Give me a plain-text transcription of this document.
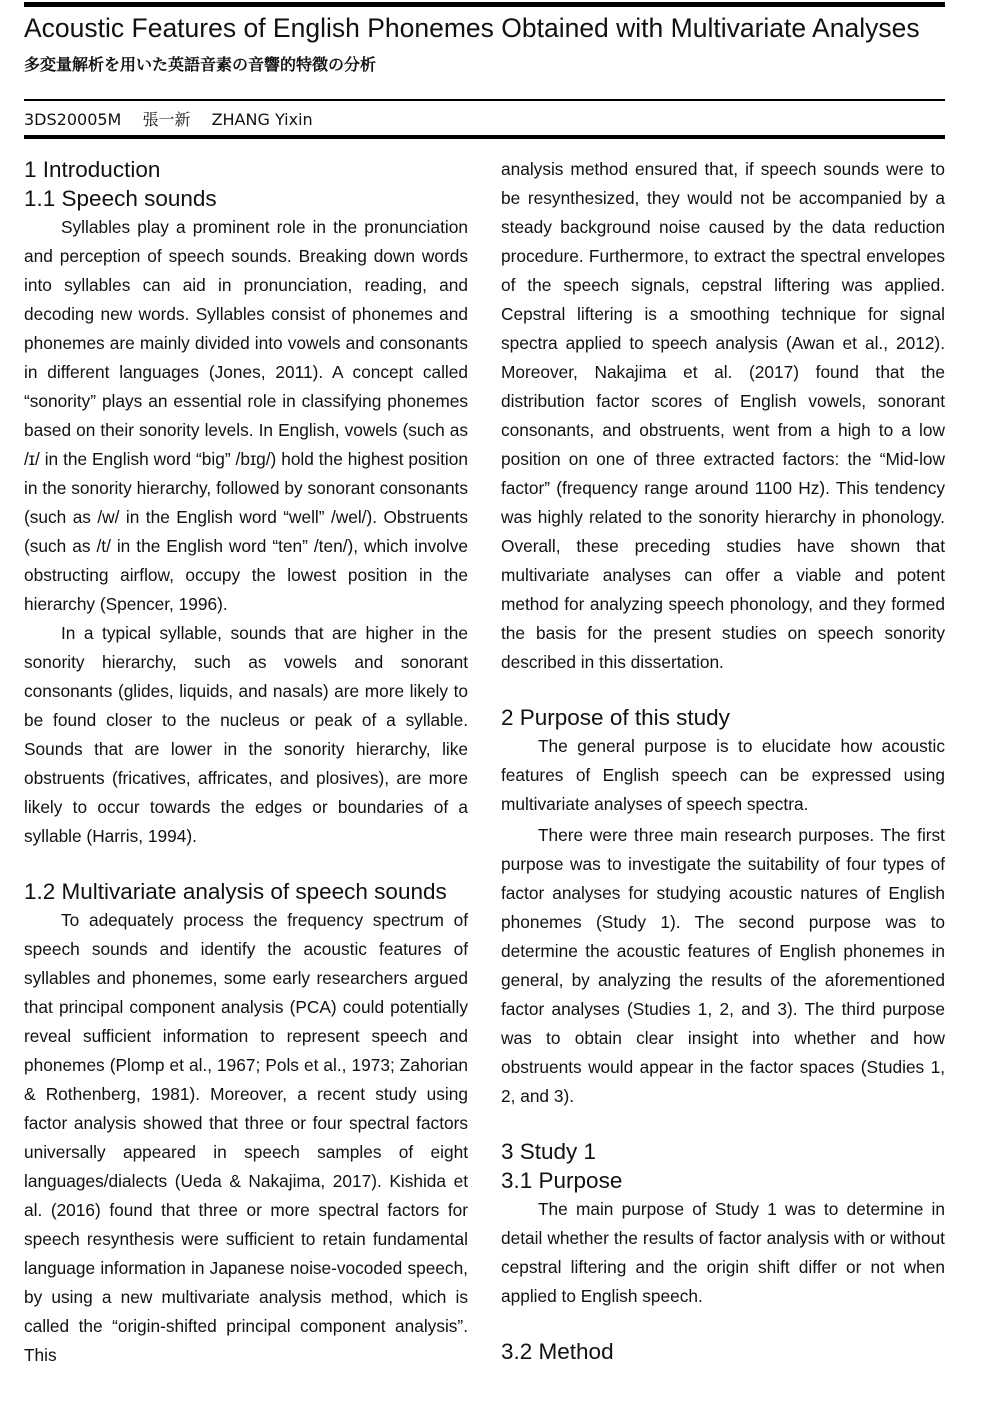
Acoustic Features of English Phonemes Obtained with Multivariate Analyses
多変量解析を用いた英語音素の音響的特徴の分析
3DS20005M 張一新 ZHANG Yixin
1 Introduction
1.1 Speech sounds

Syllables play a prominent role in the pronunciation and perception of speech sounds. Breaking down words into syllables can aid in pronunciation, reading, and decoding new words. Syllables consist of phonemes and phonemes are mainly divided into vowels and consonants in different languages (Jones, 2011). A concept called “sonority” plays an essential role in classifying phonemes based on their sonority levels. In English, vowels (such as /ɪ/ in the English word “big” /bɪg/) hold the highest position in the sonority hierarchy, followed by sonorant consonants (such as /w/ in the English word “well” /wel/). Obstruents (such as /t/ in the English word “ten” /ten/), which involve obstructing airflow, occupy the lowest position in the hierarchy (Spencer, 1996).

In a typical syllable, sounds that are higher in the sonority hierarchy, such as vowels and sonorant consonants (glides, liquids, and nasals) are more likely to be found closer to the nucleus or peak of a syllable. Sounds that are lower in the sonority hierarchy, like obstruents (fricatives, affricates, and plosives), are more likely to occur towards the edges or boundaries of a syllable (Harris, 1994).

1.2 Multivariate analysis of speech sounds

To adequately process the frequency spectrum of speech sounds and identify the acoustic features of syllables and phonemes, some early researchers argued that principal component analysis (PCA) could potentially reveal sufficient information to represent speech and phonemes (Plomp et al., 1967; Pols et al., 1973; Zahorian & Rothenberg, 1981). Moreover, a recent study using factor analysis showed that three or four spectral factors universally appeared in speech samples of eight languages/dialects (Ueda & Nakajima, 2017). Kishida et al. (2016) found that three or more spectral factors for speech resynthesis were sufficient to retain fundamental language information in Japanese noise-vocoded speech, by using a new multivariate analysis method, which is called the “origin-shifted principal component analysis”. This

analysis method ensured that, if speech sounds were to be resynthesized, they would not be accompanied by a steady background noise caused by the data reduction procedure. Furthermore, to extract the spectral envelopes of the speech signals, cepstral liftering was applied. Cepstral liftering is a smoothing technique for signal spectra applied to speech analysis (Awan et al., 2012). Moreover, Nakajima et al. (2017) found that the distribution factor scores of English vowels, sonorant consonants, and obstruents, went from a high to a low position on one of three extracted factors: the “Mid-low factor” (frequency range around 1100 Hz). This tendency was highly related to the sonority hierarchy in phonology. Overall, these preceding studies have shown that multivariate analyses can offer a viable and potent method for analyzing speech phonology, and they formed the basis for the present studies on speech sonority described in this dissertation.

2 Purpose of this study

The general purpose is to elucidate how acoustic features of English speech can be expressed using multivariate analyses of speech spectra.

There were three main research purposes. The first purpose was to investigate the suitability of four types of factor analyses for studying acoustic natures of English phonemes (Study 1). The second purpose was to determine the acoustic features of English phonemes in general, by analyzing the results of the aforementioned factor analyses (Studies 1, 2, and 3). The third purpose was to obtain clear insight into whether and how obstruents would appear in the factor spaces (Studies 1, 2, and 3).

3 Study 1
3.1 Purpose

The main purpose of Study 1 was to determine in detail whether the results of factor analysis with or without cepstral liftering and the origin shift differ or not when applied to English speech.

3.2 Method
